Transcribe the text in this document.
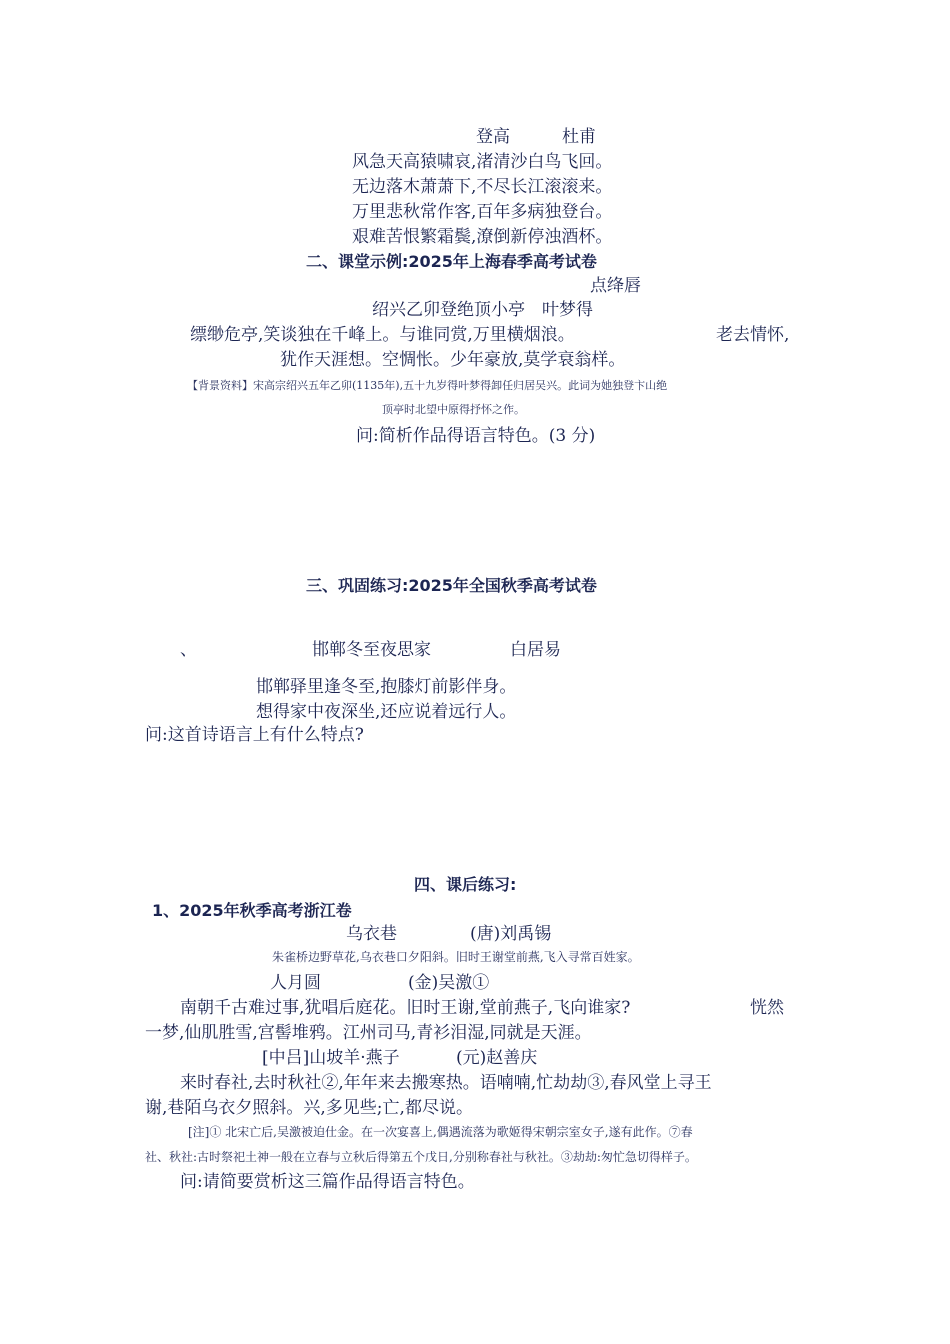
登高	杜甫
风急天高猿啸哀,渚清沙白鸟飞回。
无边落木萧萧下,不尽长江滚滚来。
万里悲秋常作客,百年多病独登台。
艰难苦恨繁霜鬓,潦倒新停浊酒杯。
二、课堂示例:2025年上海春季高考试卷
点绛唇
绍兴乙卯登绝顶小亭　叶梦得
缥缈危亭,笑谈独在千峰上。与谁同赏,万里横烟浪。	老去情怀,
犹作天涯想。空惆怅。少年豪放,莫学衰翁样。
【背景资料】宋高宗绍兴五年乙卯(1135年),五十九岁得叶梦得卸任归居吴兴。此词为她独登卞山绝
顶亭时北望中原得抒怀之作。
问:简析作品得语言特色。(3 分)
三、巩固练习:2025年全国秋季高考试卷
、	邯郸冬至夜思家	白居易
邯郸驿里逢冬至,抱膝灯前影伴身。
想得家中夜深坐,还应说着远行人。
问:这首诗语言上有什么特点?
四、课后练习:
1、2025年秋季高考浙江卷
乌衣巷	(唐)刘禹锡
朱雀桥边野草花,乌衣巷口夕阳斜。旧时王谢堂前燕,飞入寻常百姓家。
人月圆	(金)吴激①
南朝千古难过事,犹唱后庭花。旧时王谢,堂前燕子,飞向谁家?	恍然
一梦,仙肌胜雪,宫髻堆鸦。江州司马,青衫泪湿,同就是天涯。
[中吕]山坡羊·燕子	(元)赵善庆
来时春社,去时秋社②,年年来去搬寒热。语喃喃,忙劫劫③,春风堂上寻王
谢,巷陌乌衣夕照斜。兴,多见些;亡,都尽说。
[注]① 北宋亡后,吴激被迫仕金。在一次宴喜上,偶遇流落为歌姬得宋朝宗室女子,遂有此作。⑦春
社、秋社:古时祭祀土神一般在立春与立秋后得第五个戊日,分别称春社与秋社。③劫劫:匆忙急切得样子。
问:请简要赏析这三篇作品得语言特色。
